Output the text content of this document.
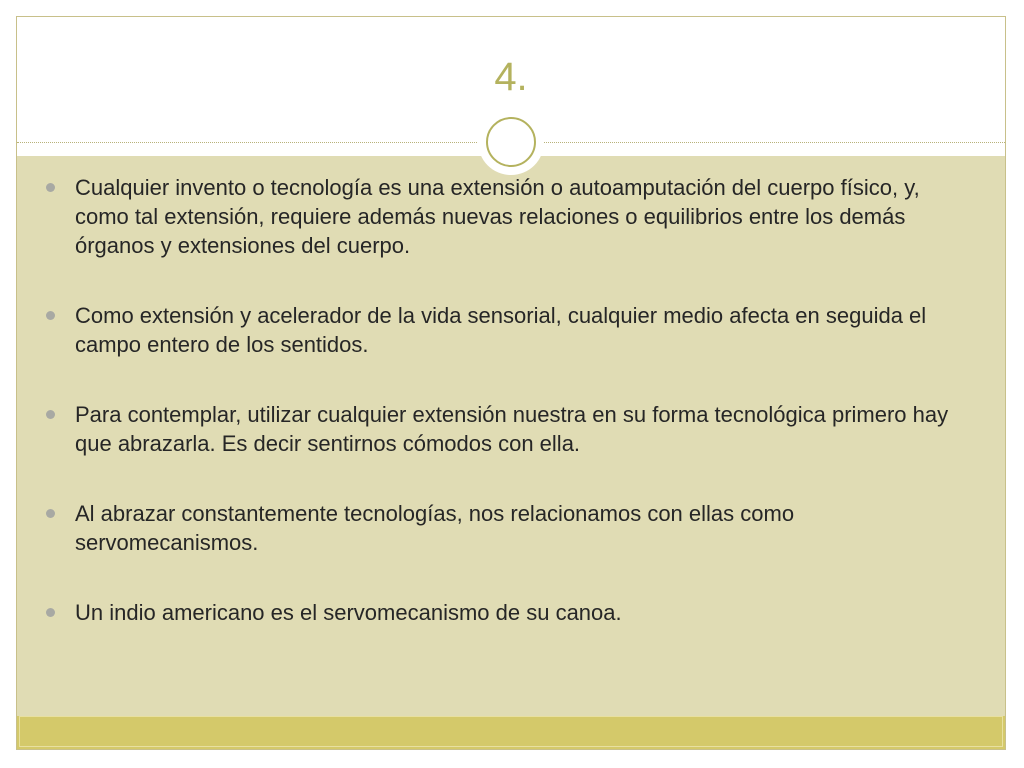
4.
Cualquier invento o tecnología es una extensión o autoamputación del cuerpo físico, y, como tal extensión, requiere además nuevas relaciones o equilibrios entre los demás órganos y extensiones del cuerpo.
Como extensión y acelerador de la vida sensorial, cualquier medio afecta en seguida el campo entero de los sentidos.
Para contemplar, utilizar cualquier extensión nuestra en su forma tecnológica primero hay que abrazarla. Es decir sentirnos cómodos con ella.
Al abrazar constantemente tecnologías, nos relacionamos con ellas como servomecanismos.
Un indio americano es el servomecanismo de su canoa.
